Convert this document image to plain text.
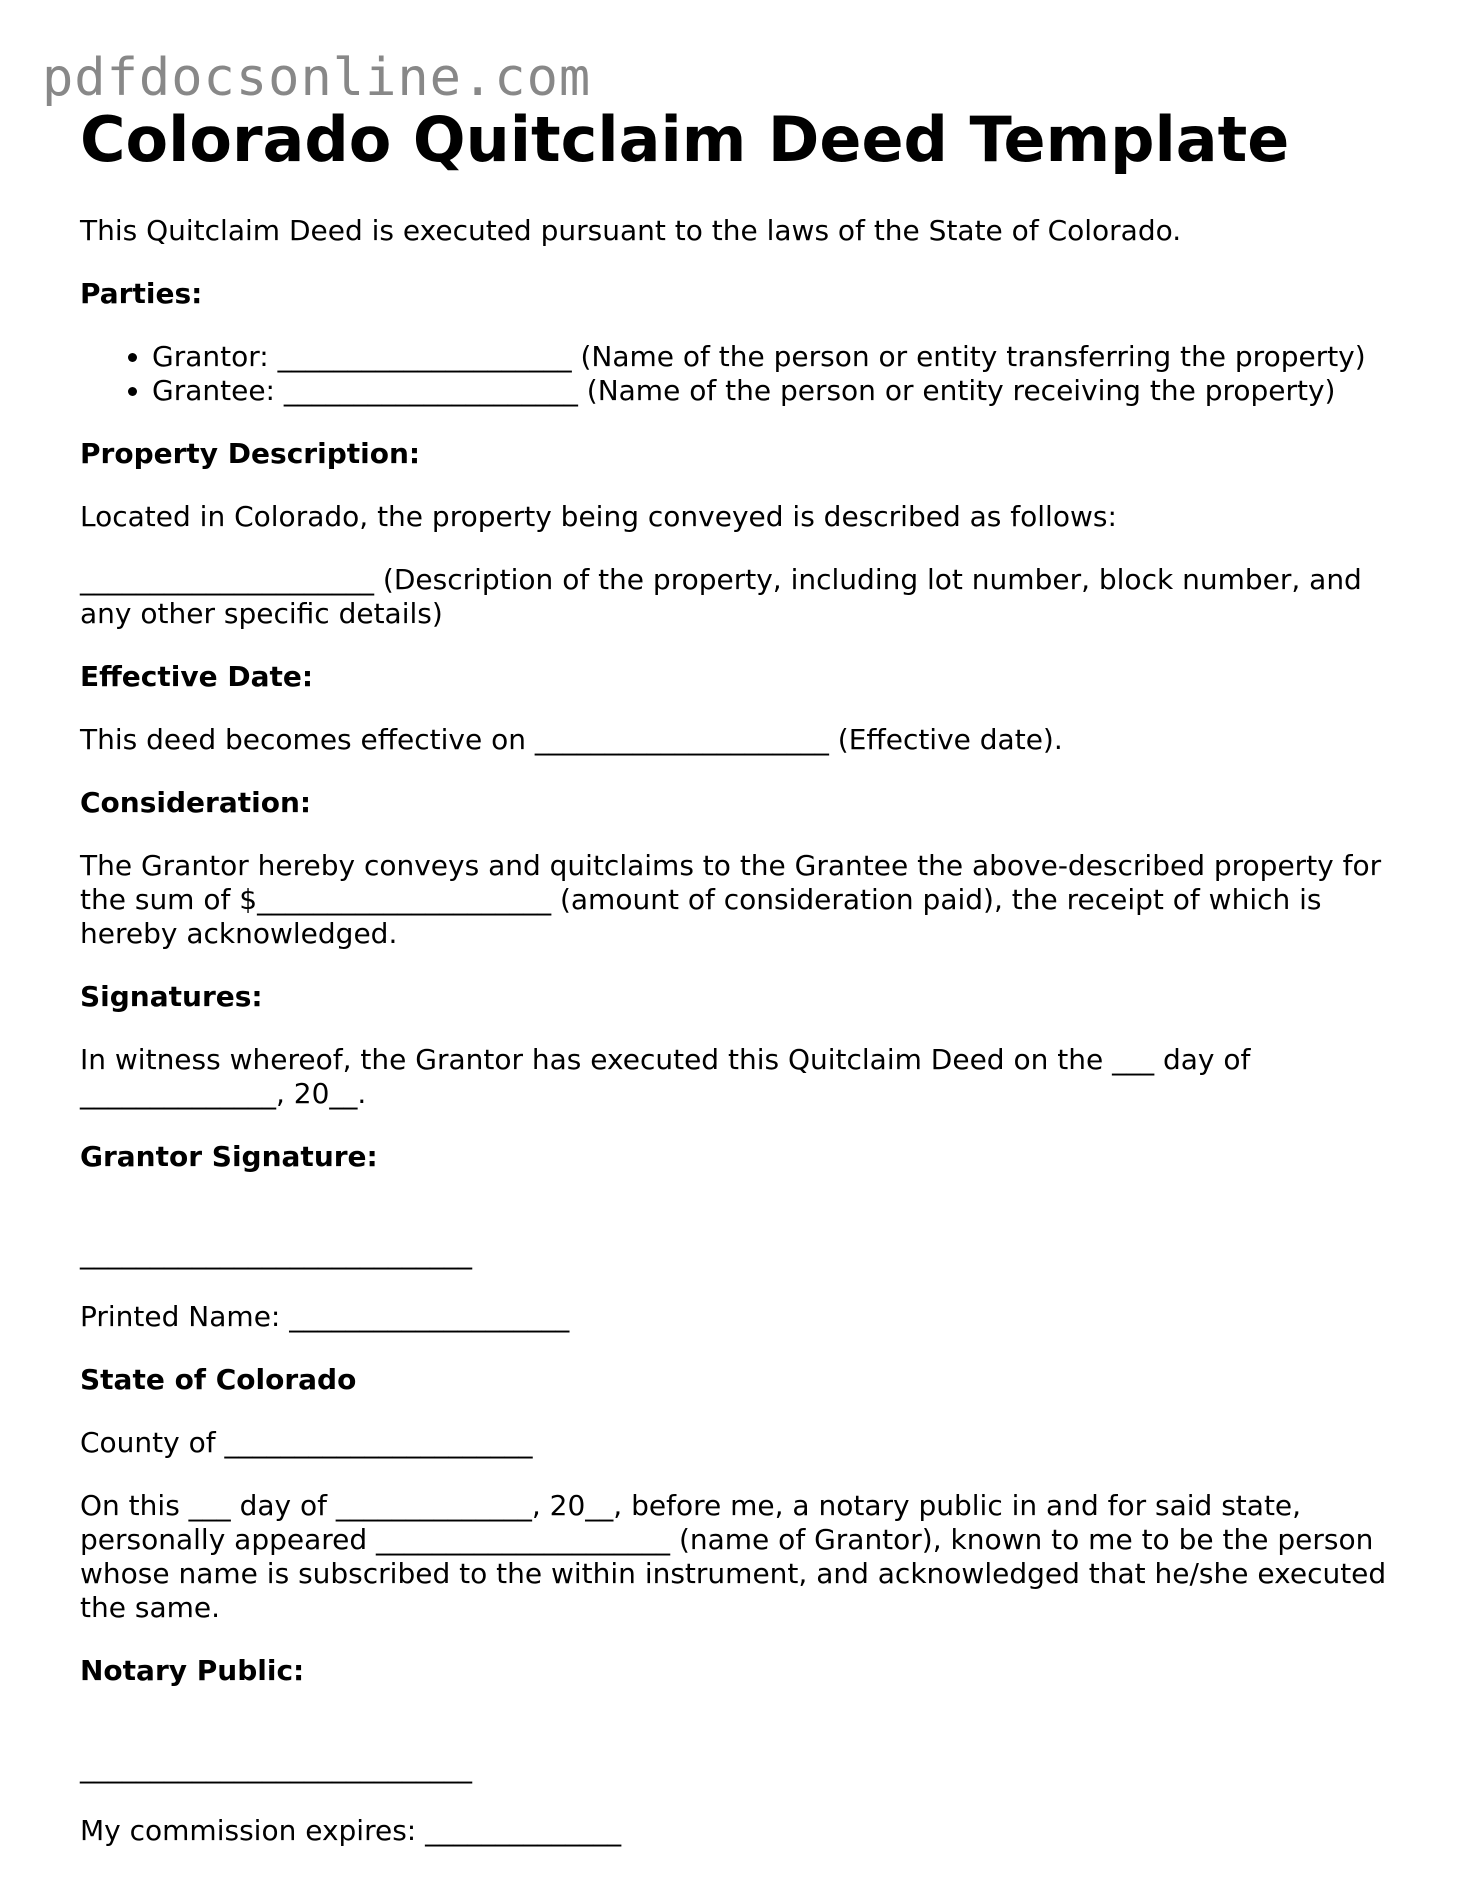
pdfdocsonline.com
Colorado Quitclaim Deed Template

This Quitclaim Deed is executed pursuant to the laws of the State of Colorado.

Parties:

• Grantor: _____________________ (Name of the person or entity transferring the property)
• Grantee: _____________________ (Name of the person or entity receiving the property)

Property Description:

Located in Colorado, the property being conveyed is described as follows:

_____________________ (Description of the property, including lot number, block number, and any other specific details)

Effective Date:

This deed becomes effective on _____________________ (Effective date).

Consideration:

The Grantor hereby conveys and quitclaims to the Grantee the above-described property for the sum of $_____________________ (amount of consideration paid), the receipt of which is hereby acknowledged.

Signatures:

In witness whereof, the Grantor has executed this Quitclaim Deed on the ___ day of ______________, 20__.

Grantor Signature:

____________________________

Printed Name: ____________________

State of Colorado

County of ______________________

On this ___ day of ______________, 20__, before me, a notary public in and for said state, personally appeared _____________________ (name of Grantor), known to me to be the person whose name is subscribed to the within instrument, and acknowledged that he/she executed the same.

Notary Public:

____________________________

My commission expires: ______________
